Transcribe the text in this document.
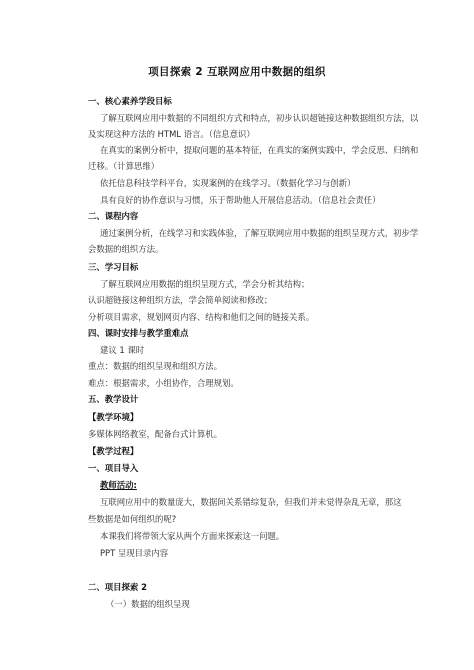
项目探索 2 互联网应用中数据的组织
一、核心素养学段目标
了解互联网应用中数据的不同组织方式和特点，初步认识超链接这种数据组织方法，以
及实现这种方法的 HTML 语言。（信息意识）
在真实的案例分析中，提取问题的基本特征，在真实的案例实践中，学会反思、归纳和
迁移。（计算思维）
依托信息科技学科平台，实现案例的在线学习。（数据化学习与创新）
具有良好的协作意识与习惯，乐于帮助他人开展信息活动。（信息社会责任）
二、课程内容
通过案例分析，在线学习和实践体验，了解互联网应用中数据的组织呈现方式，初步学
会数据的组织方法。
三、学习目标
了解互联网应用数据的组织呈现方式，学会分析其结构；
认识超链接这种组织方法，学会简单阅读和修改；
分析项目需求，规划网页内容、结构和他们之间的链接关系。
四、课时安排与教学重难点
建议 1 课时
重点：数据的组织呈现和组织方法。
难点：根据需求，小组协作，合理规划。
五、教学设计
【教学环境】
多媒体网络教室，配备台式计算机。
【教学过程】
一、项目导入
教师活动:
互联网应用中的数量庞大，数据间关系错综复杂，但我们并未觉得杂乱无章，那这
些数据是如何组织的呢?
本课我们将带领大家从两个方面来探索这一问题。
PPT 呈现目录内容
二、项目探索 2
（一）数据的组织呈现
